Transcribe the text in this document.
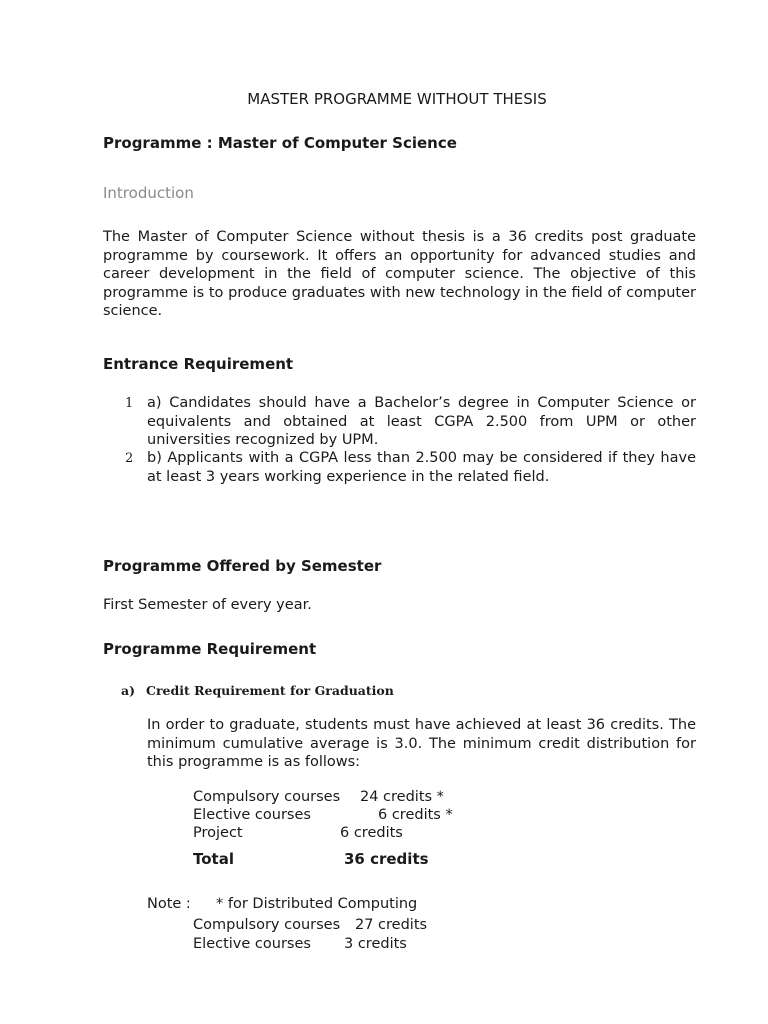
MASTER PROGRAMME WITHOUT THESIS
Programme : Master of Computer Science
Introduction
The Master of Computer Science without thesis is a 36 credits post graduate programme by coursework. It offers an opportunity for advanced studies and career development in the field of computer science. The objective of this programme is to produce graduates with new technology in the field of computer science.
Entrance Requirement
1 a) Candidates should have a Bachelor’s degree in Computer Science or equivalents and obtained at least CGPA 2.500 from UPM or other universities recognized by UPM.
2 b) Applicants with a CGPA less than 2.500 may be considered if they have at least 3 years working experience in the related field.
Programme Offered by Semester
First Semester of every year.
Programme Requirement
a) Credit Requirement for Graduation
In order to graduate, students must have achieved at least 36 credits. The minimum cumulative average is 3.0. The minimum credit distribution for this programme is as follows:
Compulsory courses 24 credits *
Elective courses	6 credits *
Project	6 credits
Total	36 credits
Note : * for Distributed Computing
Compulsory courses 27 credits
Elective courses 3 credits
